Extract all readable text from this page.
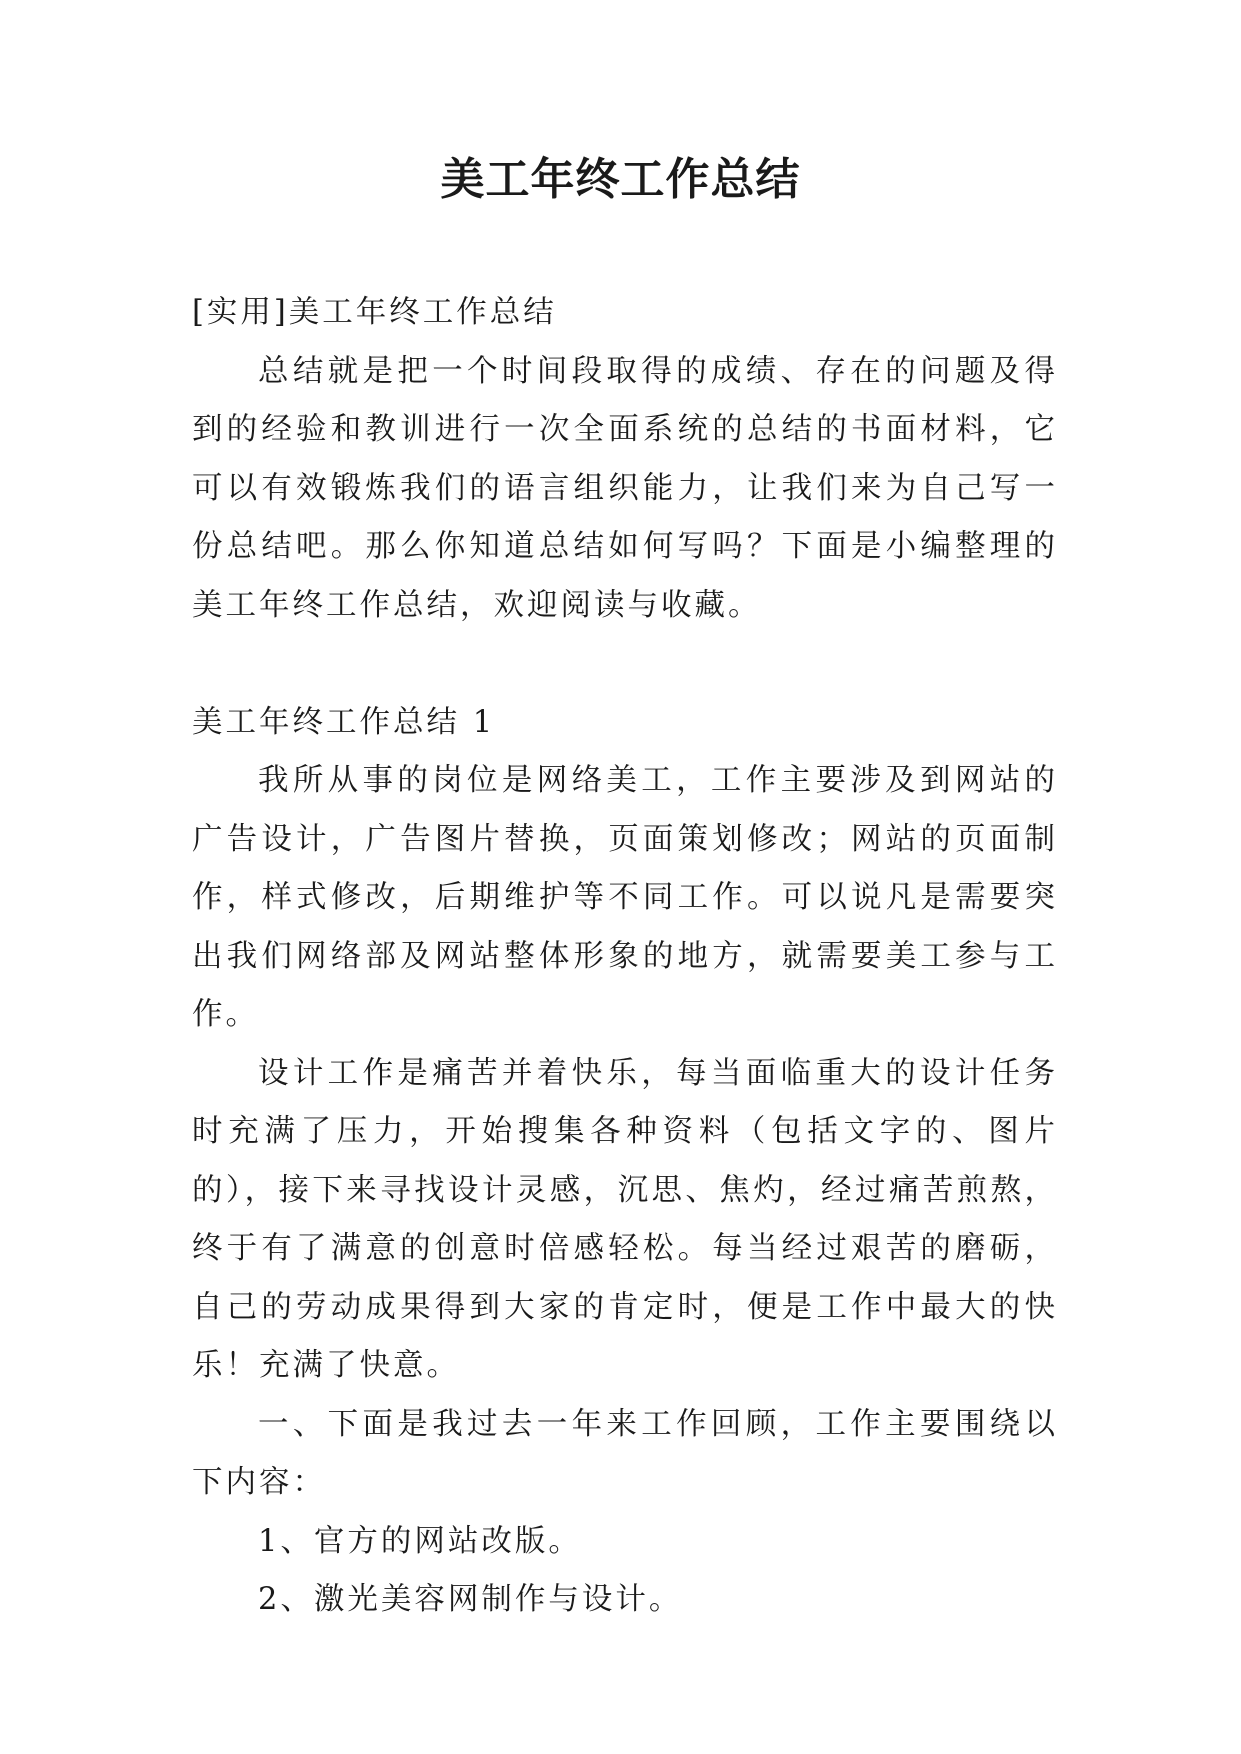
美工年终工作总结

[实用]美工年终工作总结

总结就是把一个时间段取得的成绩、存在的问题及得到的经验和教训进行一次全面系统的总结的书面材料，它可以有效锻炼我们的语言组织能力，让我们来为自己写一份总结吧。那么你知道总结如何写吗？下面是小编整理的美工年终工作总结，欢迎阅读与收藏。

美工年终工作总结 1

我所从事的岗位是网络美工，工作主要涉及到网站的广告设计，广告图片替换，页面策划修改；网站的页面制作，样式修改，后期维护等不同工作。可以说凡是需要突出我们网络部及网站整体形象的地方，就需要美工参与工作。

设计工作是痛苦并着快乐，每当面临重大的设计任务时充满了压力，开始搜集各种资料（包括文字的、图片的），接下来寻找设计灵感，沉思、焦灼，经过痛苦煎熬，终于有了满意的创意时倍感轻松。每当经过艰苦的磨砺，自己的劳动成果得到大家的肯定时，便是工作中最大的快乐！充满了快意。

一、下面是我过去一年来工作回顾，工作主要围绕以下内容：

1、官方的网站改版。

2、激光美容网制作与设计。
